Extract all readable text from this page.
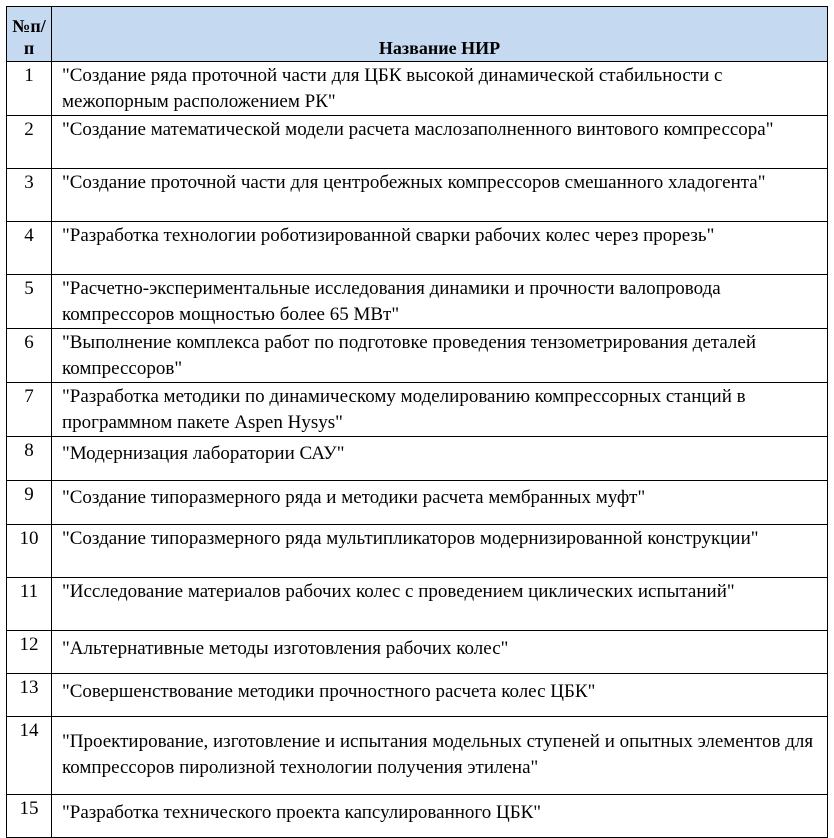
№п/
п	Название НИР
1	"Создание ряда проточной части для ЦБК высокой динамической стабильности с межопорным расположением РК"
2	"Создание математической модели расчета маслозаполненного винтового компрессора"
3	"Создание проточной части для центробежных компрессоров смешанного хладогента"
4	"Разработка технологии роботизированной сварки рабочих колес через прорезь"
5	"Расчетно-экспериментальные исследования динамики и прочности валопровода компрессоров мощностью более 65 МВт"
6	"Выполнение комплекса работ по подготовке проведения тензометрирования деталей компрессоров"
7	"Разработка методики по динамическому моделированию компрессорных станций в программном пакете Aspen Hysys"
8	"Модернизация лаборатории САУ"
9	"Создание типоразмерного ряда и методики расчета мембранных муфт"
10	"Создание типоразмерного ряда мультипликаторов модернизированной конструкции"
11	"Исследование материалов рабочих колес с проведением циклических испытаний"
12	"Альтернативные методы изготовления рабочих колес"
13	"Совершенствование методики прочностного расчета колес ЦБК"
14	"Проектирование, изготовление и испытания модельных ступеней и опытных элементов для компрессоров пиролизной технологии получения этилена"
15	"Разработка технического проекта капсулированного ЦБК"
